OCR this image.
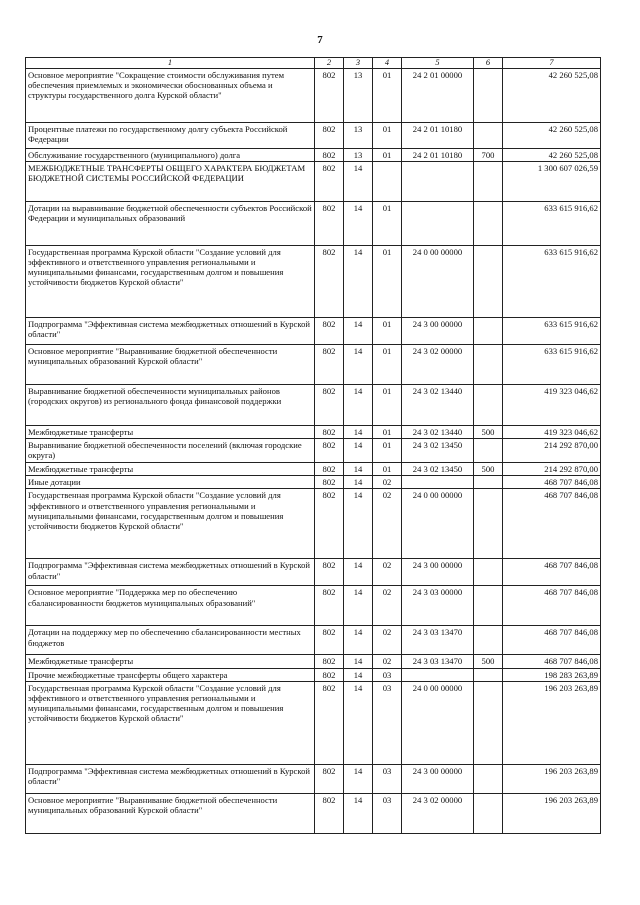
7
1	2	3	4	5	6	7
Основное мероприятие "Сокращение стоимости обслуживания путем обеспечения приемлемых и экономически обоснованных объема и структуры государственного долга Курской области"	802	13	01	24 2 01 00000		42 260 525,08
Процентные платежи по государственному долгу субъекта Российской Федерации	802	13	01	24 2 01 10180		42 260 525,08
Обслуживание государственного (муниципального) долга	802	13	01	24 2 01 10180	700	42 260 525,08
МЕЖБЮДЖЕТНЫЕ ТРАНСФЕРТЫ ОБЩЕГО ХАРАКТЕРА БЮДЖЕТАМ БЮДЖЕТНОЙ СИСТЕМЫ РОССИЙСКОЙ ФЕДЕРАЦИИ	802	14				1 300 607 026,59
Дотации на выравнивание бюджетной обеспеченности субъектов Российской Федерации и муниципальных образований	802	14	01			633 615 916,62
Государственная программа Курской области "Создание условий для эффективного и ответственного управления региональными и муниципальными финансами, государственным долгом и повышения устойчивости бюджетов Курской области"	802	14	01	24 0 00 00000		633 615 916,62
Подпрограмма "Эффективная система межбюджетных отношений в Курской области"	802	14	01	24 3 00 00000		633 615 916,62
Основное мероприятие "Выравнивание бюджетной обеспеченности муниципальных образований Курской области"	802	14	01	24 3 02 00000		633 615 916,62
Выравнивание бюджетной обеспеченности муниципальных районов (городских округов) из регионального фонда финансовой поддержки	802	14	01	24 3 02 13440		419 323 046,62
Межбюджетные трансферты	802	14	01	24 3 02 13440	500	419 323 046,62
Выравнивание бюджетной обеспеченности поселений (включая городские округа)	802	14	01	24 3 02 13450		214 292 870,00
Межбюджетные трансферты	802	14	01	24 3 02 13450	500	214 292 870,00
Иные дотации	802	14	02			468 707 846,08
Государственная программа Курской области "Создание условий для эффективного и ответственного управления региональными и муниципальными финансами, государственным долгом и повышения устойчивости бюджетов Курской области"	802	14	02	24 0 00 00000		468 707 846,08
Подпрограмма "Эффективная система межбюджетных отношений в Курской области"	802	14	02	24 3 00 00000		468 707 846,08
Основное мероприятие "Поддержка мер по обеспечению сбалансированности бюджетов муниципальных образований"	802	14	02	24 3 03 00000		468 707 846,08
Дотации на поддержку мер по обеспечению сбалансированности местных бюджетов	802	14	02	24 3 03 13470		468 707 846,08
Межбюджетные трансферты	802	14	02	24 3 03 13470	500	468 707 846,08
Прочие межбюджетные трансферты общего характера	802	14	03			198 283 263,89
Государственная программа Курской области "Создание условий для эффективного и ответственного управления региональными и муниципальными финансами, государственным долгом и повышения устойчивости бюджетов Курской области"	802	14	03	24 0 00 00000		196 203 263,89
Подпрограмма "Эффективная система межбюджетных отношений в Курской области"	802	14	03	24 3 00 00000		196 203 263,89
Основное мероприятие "Выравнивание бюджетной обеспеченности муниципальных образований Курской области"	802	14	03	24 3 02 00000		196 203 263,89
